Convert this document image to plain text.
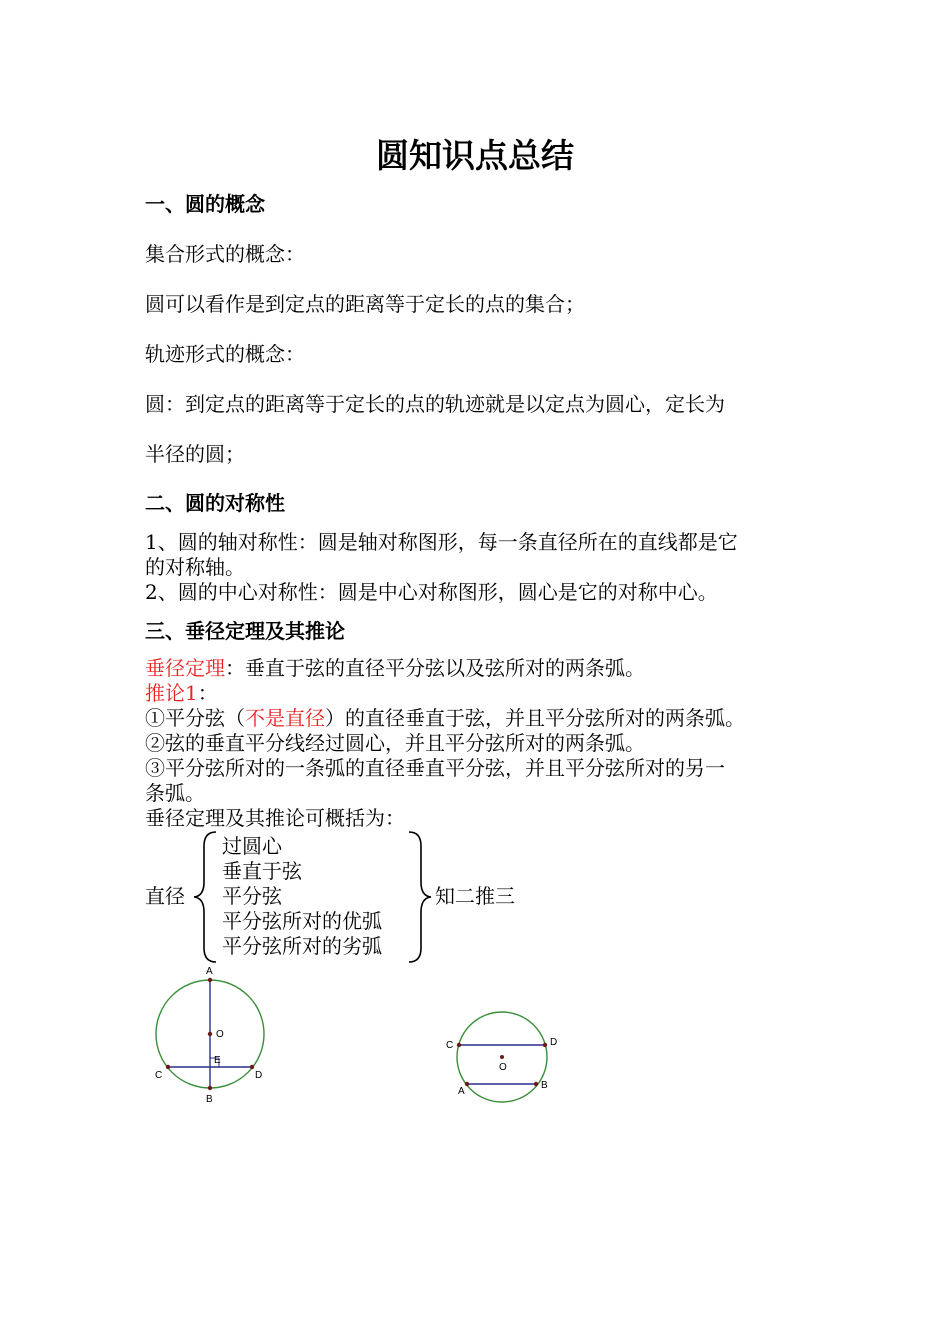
圆知识点总结
一、圆的概念
集合形式的概念：
圆可以看作是到定点的距离等于定长的点的集合；
轨迹形式的概念：
圆：到定点的距离等于定长的点的轨迹就是以定点为圆心，定长为
半径的圆；
二、圆的对称性
1、圆的轴对称性：圆是轴对称图形，每一条直径所在的直线都是它
的对称轴。
2、圆的中心对称性：圆是中心对称图形，圆心是它的对称中心。
三、垂径定理及其推论
垂径定理：垂直于弦的直径平分弦以及弦所对的两条弧。
推论1：
①平分弦（不是直径）的直径垂直于弦，并且平分弦所对的两条弧。
②弦的垂直平分线经过圆心，并且平分弦所对的两条弧。
③平分弦所对的一条弧的直径垂直平分弦，并且平分弦所对的另一
条弧。
垂径定理及其推论可概括为：
直径
过圆心
垂直于弦
平分弦
平分弦所对的优弧
平分弦所对的劣弧
知二推三
A
O
E
C	D
B
C	D
O
A
B
